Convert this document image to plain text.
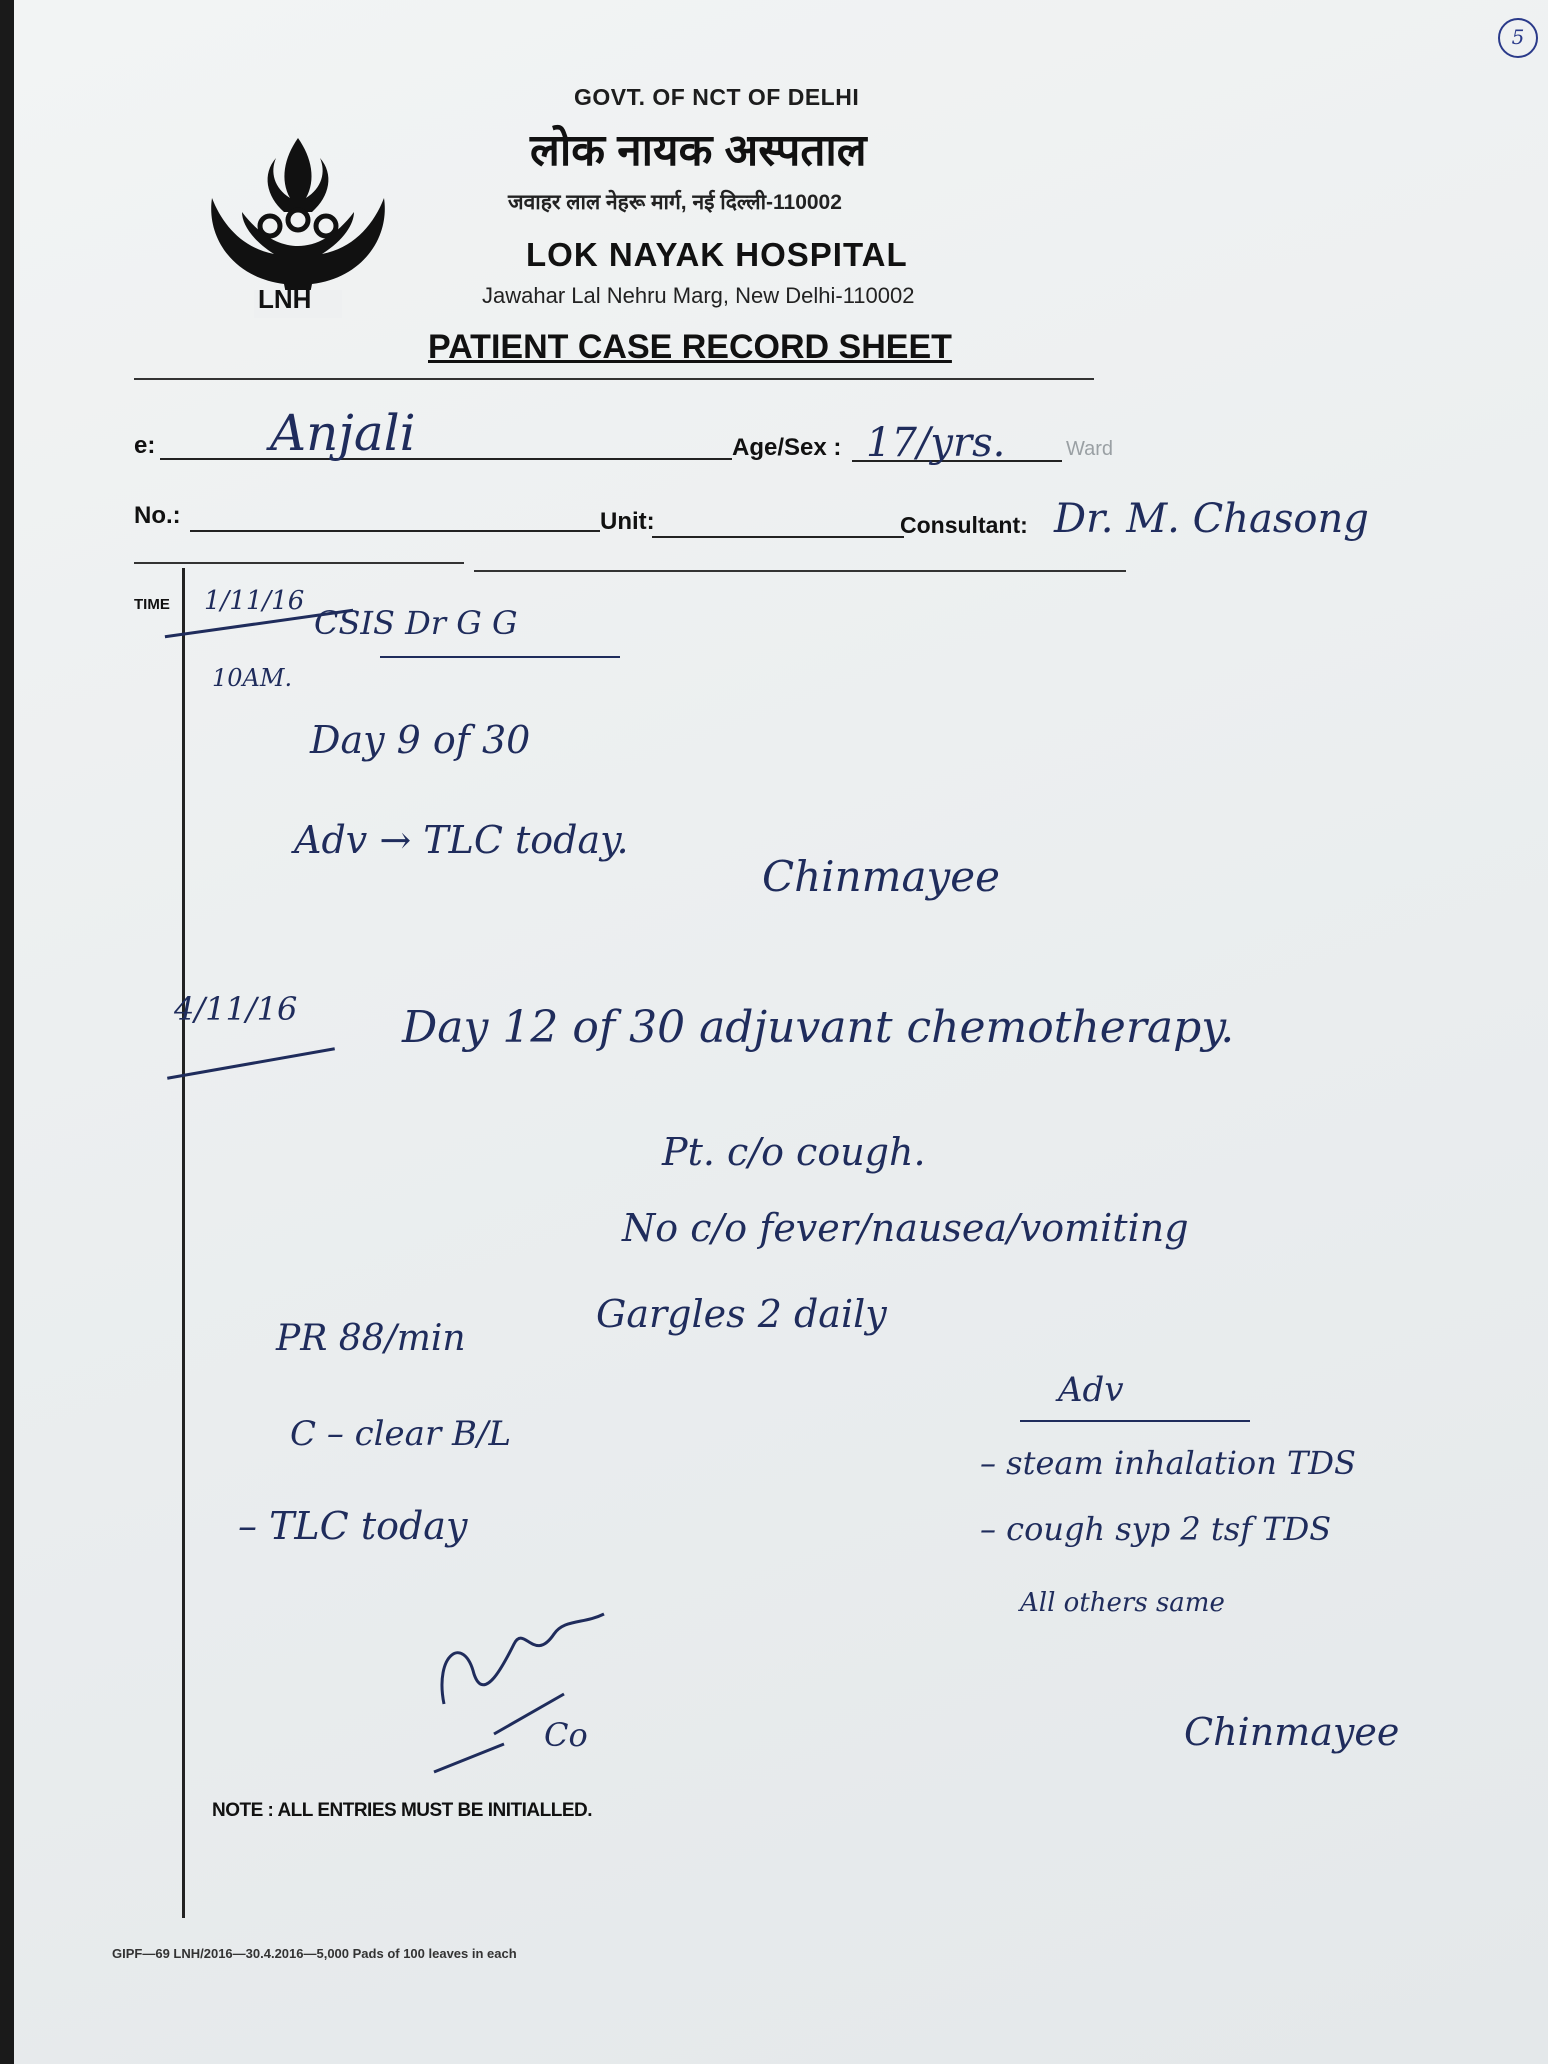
5
LNH
GOVT. OF NCT OF DELHI
लोक नायक अस्पताल
जवाहर लाल नेहरू मार्ग, नई दिल्ली-110002
LOK NAYAK HOSPITAL
Jawahar Lal Nehru Marg, New Delhi-110002
PATIENT CASE RECORD SHEET
e: Anjali	Age/Sex : 17/yrs.	Ward
No.:	Unit:	Consultant: Dr. M. Chasong
TIME 1/11/16
CSIS Dr G G
10AM.
Day 9 of 30
Adv → TLC today.
Chinmayee
4/11/16 Day 12 of 30 adjuvant chemotherapy.
Pt. c/o cough.
No c/o fever/nausea/vomiting
Gargles 2 daily
PR 88/min
C – clear B/L
– TLC today
Co
Adv
– steam inhalation TDS
– cough syp 2 tsf TDS
All others same
Chinmayee
NOTE : ALL ENTRIES MUST BE INITIALLED.
GIPF—69 LNH/2016—30.4.2016—5,000 Pads of 100 leaves in each
